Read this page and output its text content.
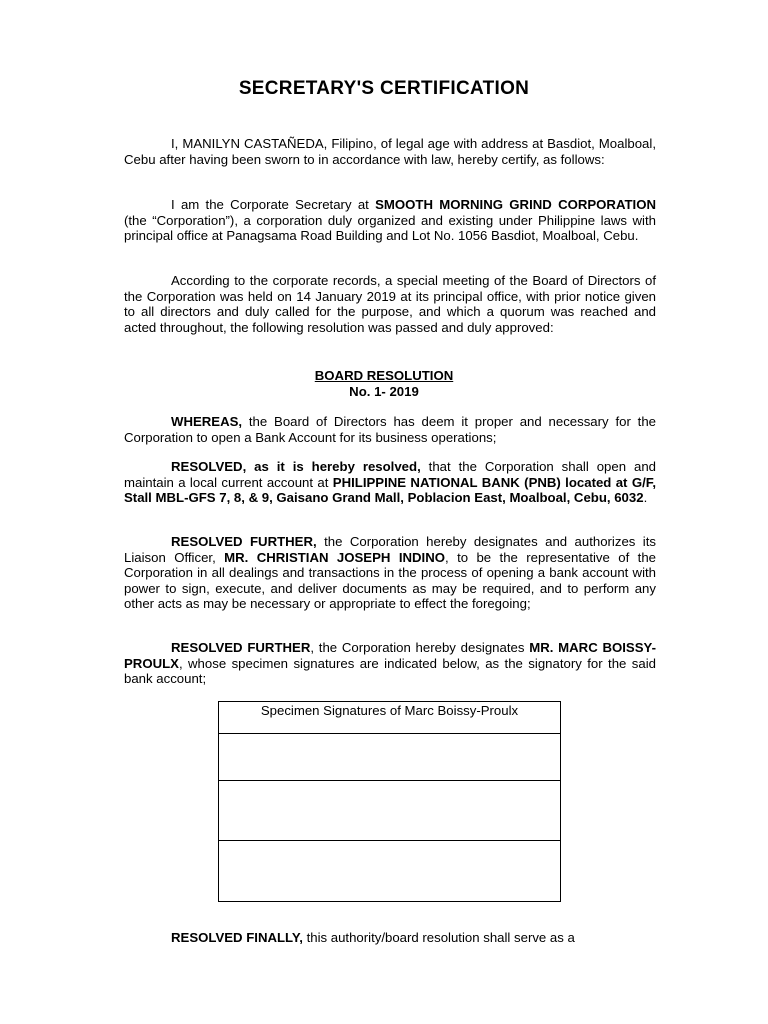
SECRETARY'S CERTIFICATION

I, MANILYN CASTAÑEDA, Filipino, of legal age with address at Basdiot, Moalboal, Cebu after having been sworn to in accordance with law, hereby certify, as follows:

I am the Corporate Secretary at SMOOTH MORNING GRIND CORPORATION (the “Corporation”), a corporation duly organized and existing under Philippine laws with principal office at Panagsama Road Building and Lot No. 1056 Basdiot, Moalboal, Cebu.

According to the corporate records, a special meeting of the Board of Directors of the Corporation was held on 14 January 2019 at its principal office, with prior notice given to all directors and duly called for the purpose, and which a quorum was reached and acted throughout, the following resolution was passed and duly approved:

BOARD RESOLUTION
No. 1- 2019

WHEREAS, the Board of Directors has deem it proper and necessary for the Corporation to open a Bank Account for its business operations;

RESOLVED, as it is hereby resolved, that the Corporation shall open and maintain a local current account at PHILIPPINE NATIONAL BANK (PNB) located at G/F, Stall MBL-GFS 7, 8, & 9, Gaisano Grand Mall, Poblacion East, Moalboal, Cebu, 6032.

RESOLVED FURTHER, the Corporation hereby designates and authorizes its Liaison Officer, MR. CHRISTIAN JOSEPH INDINO, to be the representative of the Corporation in all dealings and transactions in the process of opening a bank account with power to sign, execute, and deliver documents as may be required, and to perform any other acts as may be necessary or appropriate to effect the foregoing;

RESOLVED FURTHER, the Corporation hereby designates MR. MARC BOISSY-PROULX, whose specimen signatures are indicated below, as the signatory for the said bank account;

Specimen Signatures of Marc Boissy-Proulx

RESOLVED FINALLY, this authority/board resolution shall serve as a
